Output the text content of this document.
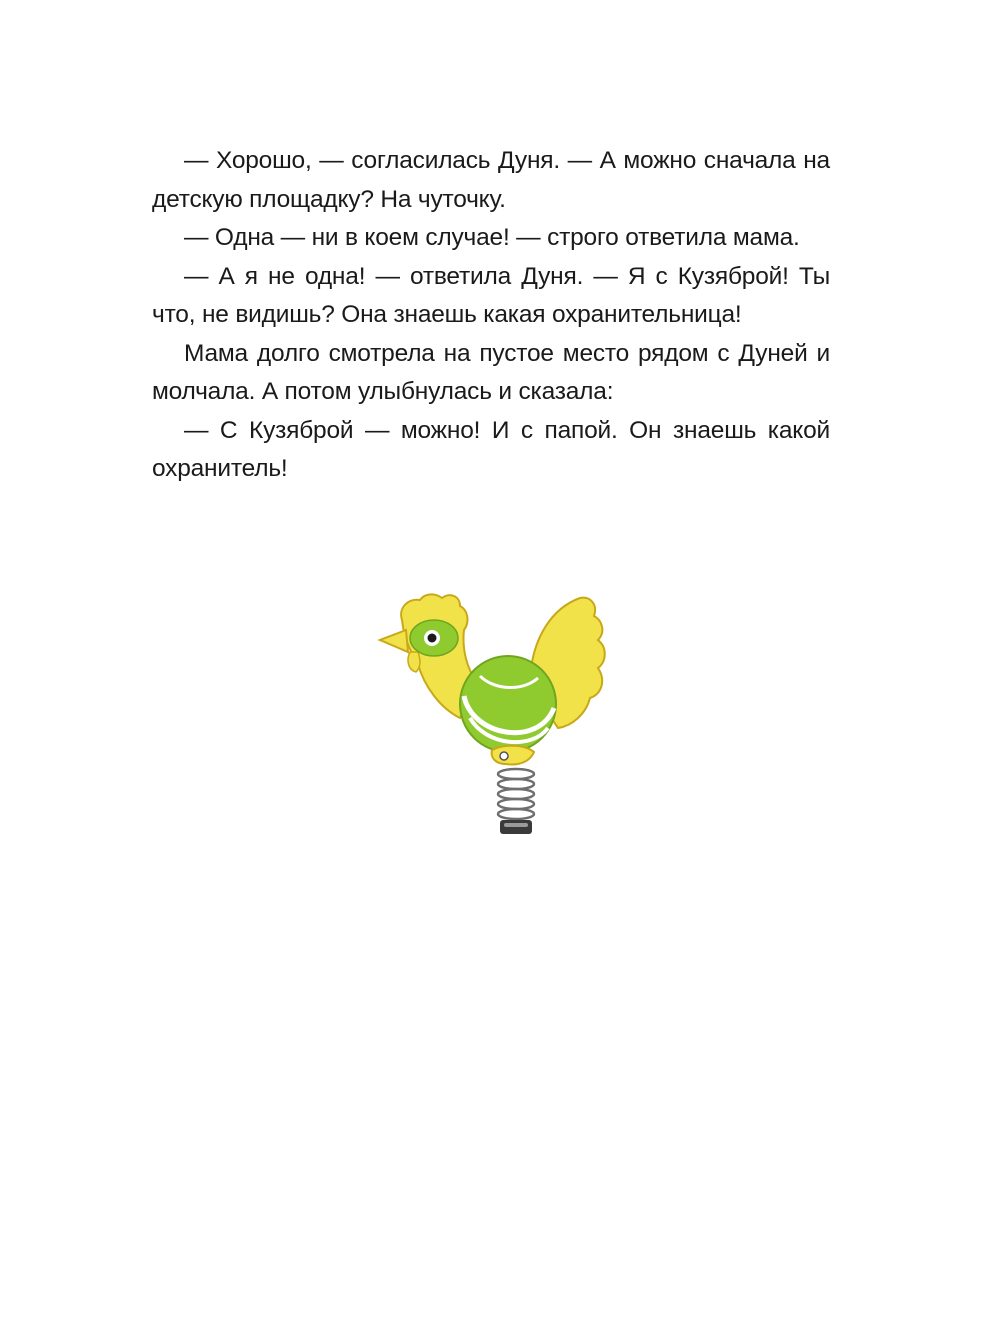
— Хорошо, — согласилась Дуня. — А можно сначала на детскую площадку? На чуточку.

— Одна — ни в коем случае! — строго ответила мама.

— А я не одна! — ответила Дуня. — Я с Кузяброй! Ты что, не видишь? Она знаешь какая охранительница!

Мама долго смотрела на пустое место рядом с Дуней и молчала. А потом улыбнулась и сказала:

— С Кузяброй — можно! И с папой. Он знаешь какой охранитель!
